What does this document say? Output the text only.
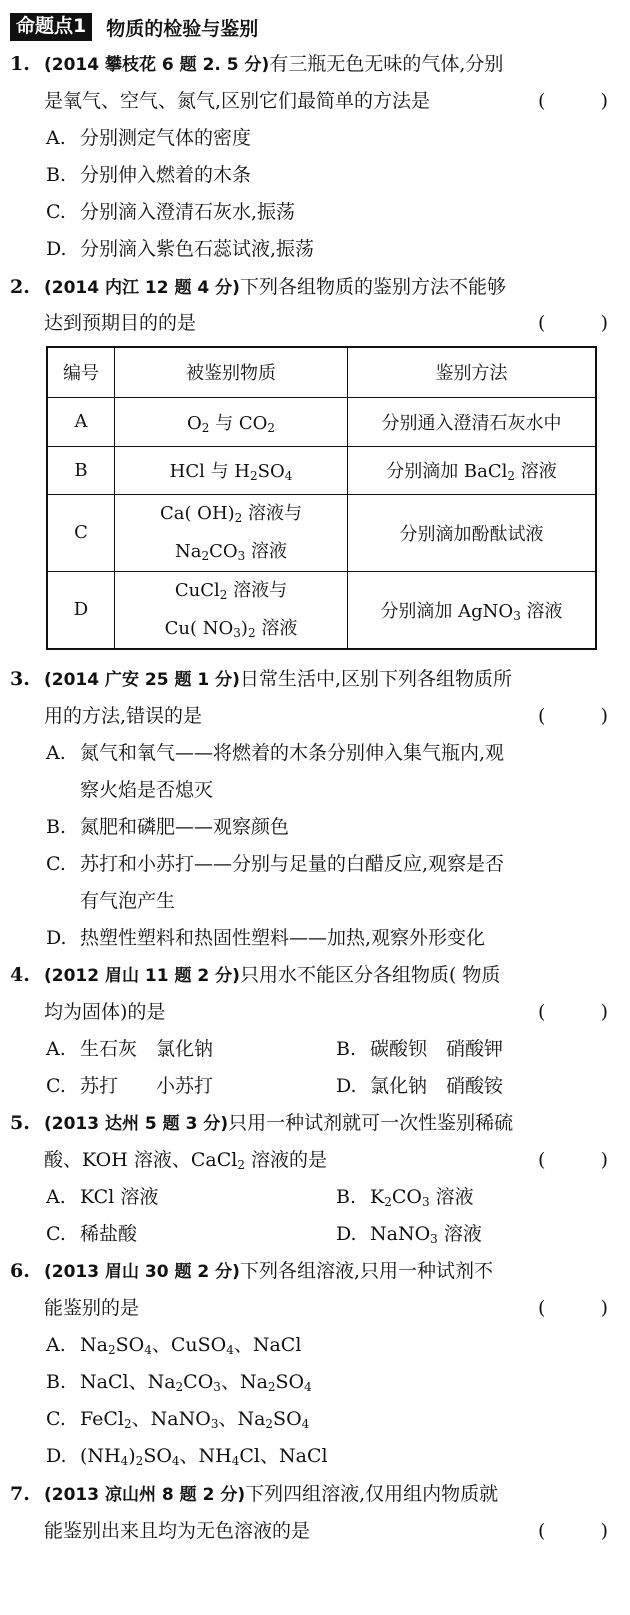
命题点1	物质的检验与鉴别
1. (2014 攀枝花 6 题 2. 5 分)有三瓶无色无味的气体,分别
是氧气、空气、氮气,区别它们最简单的方法是	(	)
A. 分别测定气体的密度
B. 分别伸入燃着的木条
C. 分别滴入澄清石灰水,振荡
D. 分别滴入紫色石蕊试液,振荡
2. (2014 内江 12 题 4 分)下列各组物质的鉴别方法不能够
达到预期目的的是	(	)
编号	被鉴别物质	鉴别方法
A	$O_2$ 与 $CO_2$	分别通入澄清石灰水中
B	HCl 与 $H_2SO_4$	分别滴加 BaCl$_2$ 溶液
C	Ca( $OH)_2$ 溶液与
$Na_2CO_3$ 溶液	分别滴加酚酞试液
D	CuCl$_2$ 溶液与
Cu( $NO_3)_2$ 溶液	分别滴加 AgNO$_3$ 溶液
3. (2014 广安 25 题 1 分)日常生活中,区别下列各组物质所
用的方法,错误的是	(	)
A. 氮气和氧气——将燃着的木条分别伸入集气瓶内,观
察火焰是否熄灭
B. 氮肥和磷肥——观察颜色
C. 苏打和小苏打——分别与足量的白醋反应,观察是否
有气泡产生
D. 热塑性塑料和热固性塑料——加热,观察外形变化
4. (2012 眉山 11 题 2 分)只用水不能区分各组物质( 物质
均为固体)的是	(	)
A. 生石灰　氯化钠	B. 碳酸钡　硝酸钾
C. 苏打　　小苏打	D. 氯化钠　硝酸铵
5. (2013 达州 5 题 3 分)只用一种试剂就可一次性鉴别稀硫
酸、KOH 溶液、CaCl$_2$ 溶液的是	(	)
A. KCl 溶液	B. $K_2CO_3$ 溶液
C. 稀盐酸	D. NaNO$_3$ 溶液
6. (2013 眉山 30 题 2 分)下列各组溶液,只用一种试剂不
能鉴别的是	(	)
A. $Na_2SO_4$、CuSO$_4$、NaCl
B. NaCl、$Na_2CO_3$、$Na_2SO_4$
C. FeCl$_2$、NaNO$_3$、$Na_2SO_4$
D. $(NH_4)_2SO_4$、$NH_4Cl$、NaCl
7. (2013 凉山州 8 题 2 分)下列四组溶液,仅用组内物质就
能鉴别出来且均为无色溶液的是	(	)
